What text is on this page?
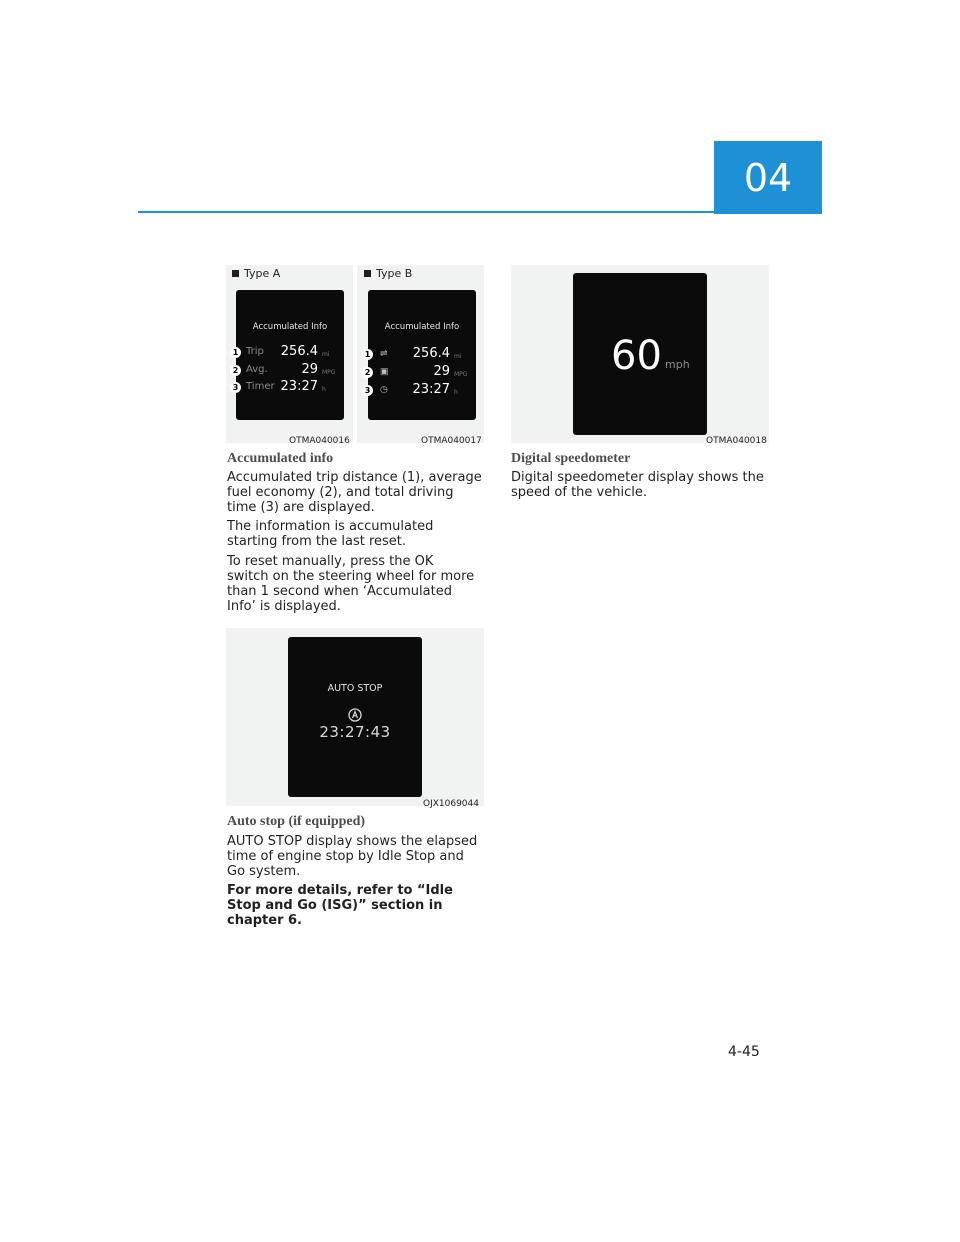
04
Type A
Accumulated Info
1 Trip 256.4 mi
2 Avg.	29 MPG
3 Timer 23:27 h
OTMA040016
Type B
Accumulated Info
1	⇌ 256.4 mi
2	▣	29 MPG
3	◷ 23:27 h
OTMA040017
Accumulated info
Accumulated trip distance (1), average fuel economy (2), and total driving time (3) are displayed.
The information is accumulated starting from the last reset.
To reset manually, press the OK switch on the steering wheel for more than 1 second when ‘Accumulated Info’ is displayed.
AUTO STOP
23:27:43
OJX1069044
Auto stop (if equipped)
AUTO STOP display shows the elapsed time of engine stop by Idle Stop and Go system.
For more details, refer to “Idle Stop and Go (ISG)” section in chapter 6.
60 mph
OTMA040018
Digital speedometer
Digital speedometer display shows the speed of the vehicle.
4-45
